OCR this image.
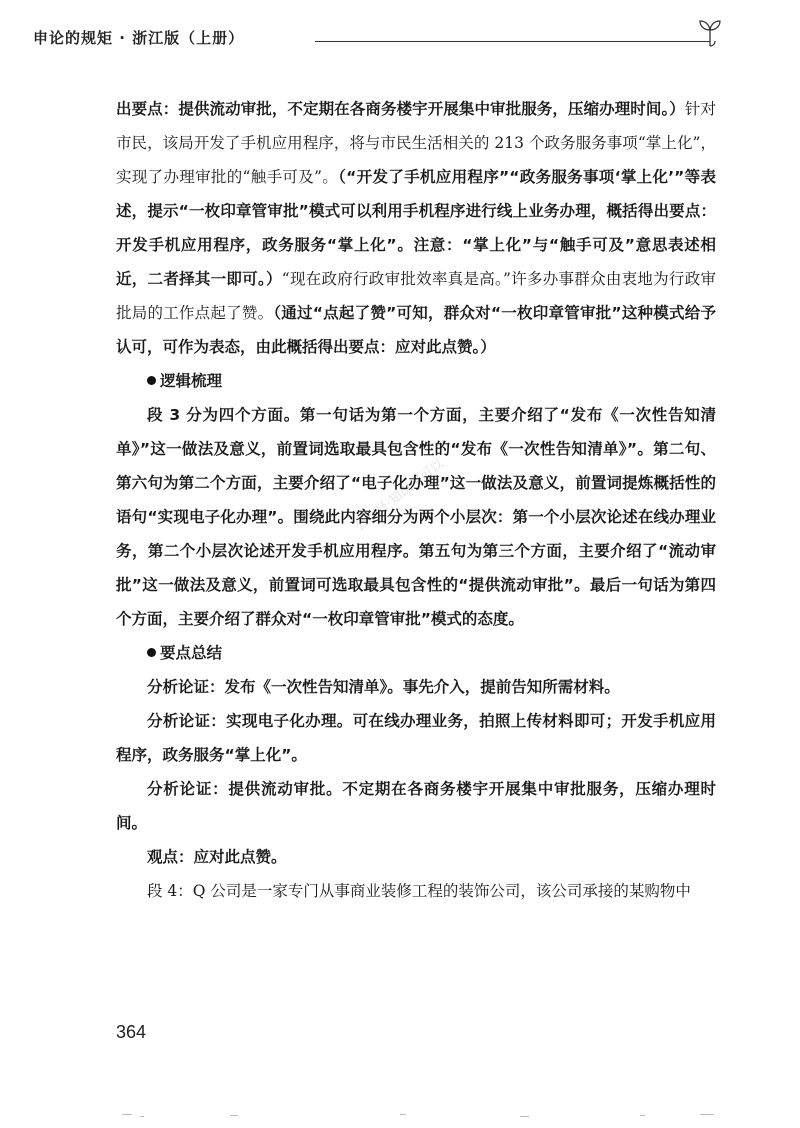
申论的规矩 · 浙江版（上册）

出要点：提供流动审批，不定期在各商务楼宇开展集中审批服务，压缩办理时间。）针对市民，该局开发了手机应用程序，将与市民生活相关的 213 个政务服务事项“掌上化”，实现了办理审批的“触手可及”。（“开发了手机应用程序”“政务服务事项‘掌上化’”等表述，提示“一枚印章管审批”模式可以利用手机程序进行线上业务办理，概括得出要点：开发手机应用程序，政务服务“掌上化”。注意：“掌上化”与“触手可及”意思表述相近，二者择其一即可。）“现在政府行政审批效率真是高。”许多办事群众由衷地为行政审批局的工作点起了赞。（通过“点起了赞”可知，群众对“一枚印章管审批”这种模式给予认可，可作为表态，由此概括得出要点：应对此点赞。）

逻辑梳理

段 3 分为四个方面。第一句话为第一个方面，主要介绍了“发布《一次性告知清单》”这一做法及意义，前置词选取最具包含性的“发布《一次性告知清单》”。第二句、第六句为第二个方面，主要介绍了“电子化办理”这一做法及意义，前置词提炼概括性的语句“实现电子化办理”。围绕此内容细分为两个小层次：第一个小层次论述在线办理业务，第二个小层次论述开发手机应用程序。第五句为第三个方面，主要介绍了“流动审批”这一做法及意义，前置词可选取最具包含性的“提供流动审批”。最后一句话为第四个方面，主要介绍了群众对“一枚印章管审批”模式的态度。

要点总结

分析论证：发布《一次性告知清单》。事先介入，提前告知所需材料。

分析论证：实现电子化办理。可在线办理业务，拍照上传材料即可；开发手机应用程序，政务服务“掌上化”。

分析论证：提供流动审批。不定期在各商务楼宇开展集中审批服务，压缩办理时间。

观点：应对此点赞。

段 4：Q 公司是一家专门从事商业装修工程的装饰公司，该公司承接的某购物中

公众号·知识宇可以
364
